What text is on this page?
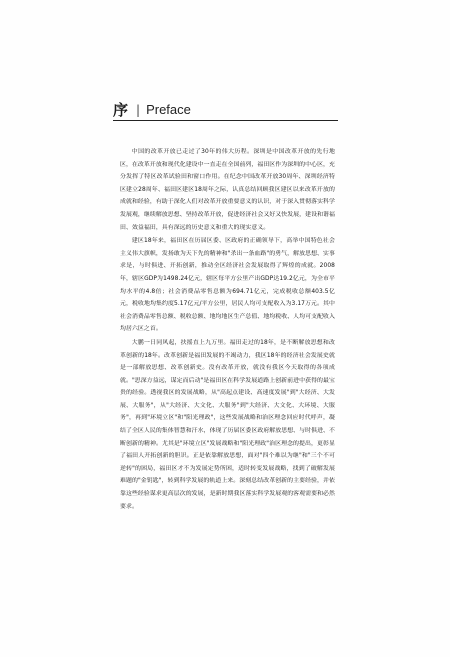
序 | Preface

中国的改革开放已走过了30年的伟大历程。深圳是中国改革开放的先行地区，在改革开放和现代化建设中一直走在全国前列，福田区作为深圳的中心区，充分发挥了特区改革试验田和窗口作用。在纪念中国改革开放30周年、深圳经济特区建立28周年、福田区建区18周年之际，认真总结回顾我区建区以来改革开放的成就和经验，有助于深化人们对改革开放重要意义的认识，对于深入贯彻落实科学发展观，继续解放思想、坚持改革开放，促进经济社会又好又快发展，建设和谐福田、效益福田，具有深远的历史意义和重大的现实意义。

建区18年来，福田区在历届区委、区政府的正确领导下，高举中国特色社会主义伟大旗帜，发扬敢为天下先的精神和"杀出一条血路"的勇气，解放思想、实事求是，与时俱进、开拓创新，推动全区经济社会发展取得了辉煌的成就。2008年，辖区GDP为1498.24亿元，辖区每平方公里产出GDP达19.2亿元，为全市平均水平的4.8倍；社会消费品零售总额为694.71亿元，完成税收总额403.5亿元，税收地均集约度5.17亿元/平方公里，居民人均可支配收入为3.17万元。其中社会消费品零售总额、税收总额、地均地区生产总值、地均税收、人均可支配收入均居六区之首。

大鹏一日同风起，扶摇直上九万里。福田走过的18年，是不断解放思想和改革创新的18年。改革创新是福田发展的不竭动力，我区18年的经济社会发展史就是一部解放思想、改革创新史。没有改革开放，就没有我区今天取得的各项成就。"思深方益远，谋定而后动"是福田区在科学发展道路上创新前进中获得的最宝贵的经验。透视我区的发展战略，从"高起点建设、高速度发展"到"大经济、大发展、大服务"，从"大经济、大文化、大服务"到"大经济、大文化、大环境、大服务"，再到"环境立区"和"阳光理政"，这些发展战略和治区理念回应时代呼声，凝结了全区人民的集体智慧和汗水，体现了历届区委区政府解放思想、与时俱进、不断创新的精神。尤其是"环境立区"发展战略和"阳光理政"治区理念的提出，更彰显了福田人开拓创新的胆识。正是依靠解放思想，面对"四个难以为继"和"三个不可逆转"的困局，福田区才不为发展定势所困，适时转变发展战略，找到了破解发展难题的"金钥匙"，转到科学发展的轨道上来。深刻总结改革创新的主要经验，并依靠这些经验谋求更高层次的发展，是新时期我区落实科学发展观的客观需要和必然要求。
